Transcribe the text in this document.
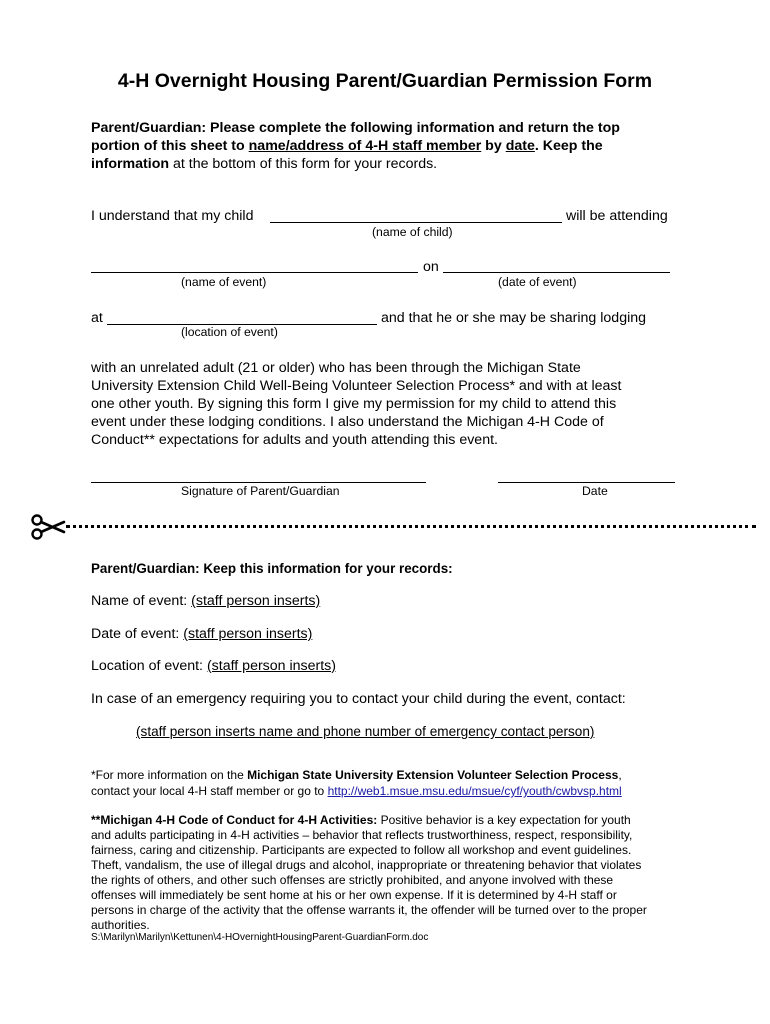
4-H Overnight Housing Parent/Guardian Permission Form
Parent/Guardian: Please complete the following information and return the top
portion of this sheet to name/address of 4-H staff member by date. Keep the
information at the bottom of this form for your records.
I understand that my child	will be attending
(name of child)
on
(name of event)	(date of event)
at	and that he or she may be sharing lodging
(location of event)
with an unrelated adult (21 or older) who has been through the Michigan State
University Extension Child Well-Being Volunteer Selection Process* and with at least
one other youth. By signing this form I give my permission for my child to attend this
event under these lodging conditions. I also understand the Michigan 4-H Code of
Conduct** expectations for adults and youth attending this event.
Signature of Parent/Guardian	Date
Parent/Guardian: Keep this information for your records:
Name of event: (staff person inserts)
Date of event: (staff person inserts)
Location of event: (staff person inserts)
In case of an emergency requiring you to contact your child during the event, contact:
(staff person inserts name and phone number of emergency contact person)
*For more information on the Michigan State University Extension Volunteer Selection Process,
contact your local 4-H staff member or go to http://web1.msue.msu.edu/msue/cyf/youth/cwbvsp.html
**Michigan 4-H Code of Conduct for 4-H Activities: Positive behavior is a key expectation for youth
and adults participating in 4-H activities – behavior that reflects trustworthiness, respect, responsibility,
fairness, caring and citizenship. Participants are expected to follow all workshop and event guidelines.
Theft, vandalism, the use of illegal drugs and alcohol, inappropriate or threatening behavior that violates
the rights of others, and other such offenses are strictly prohibited, and anyone involved with these
offenses will immediately be sent home at his or her own expense. If it is determined by 4-H staff or
persons in charge of the activity that the offense warrants it, the offender will be turned over to the proper
authorities.
S:\Marilyn\Marilyn\Kettunen\4-HOvernightHousingParent-GuardianForm.doc
